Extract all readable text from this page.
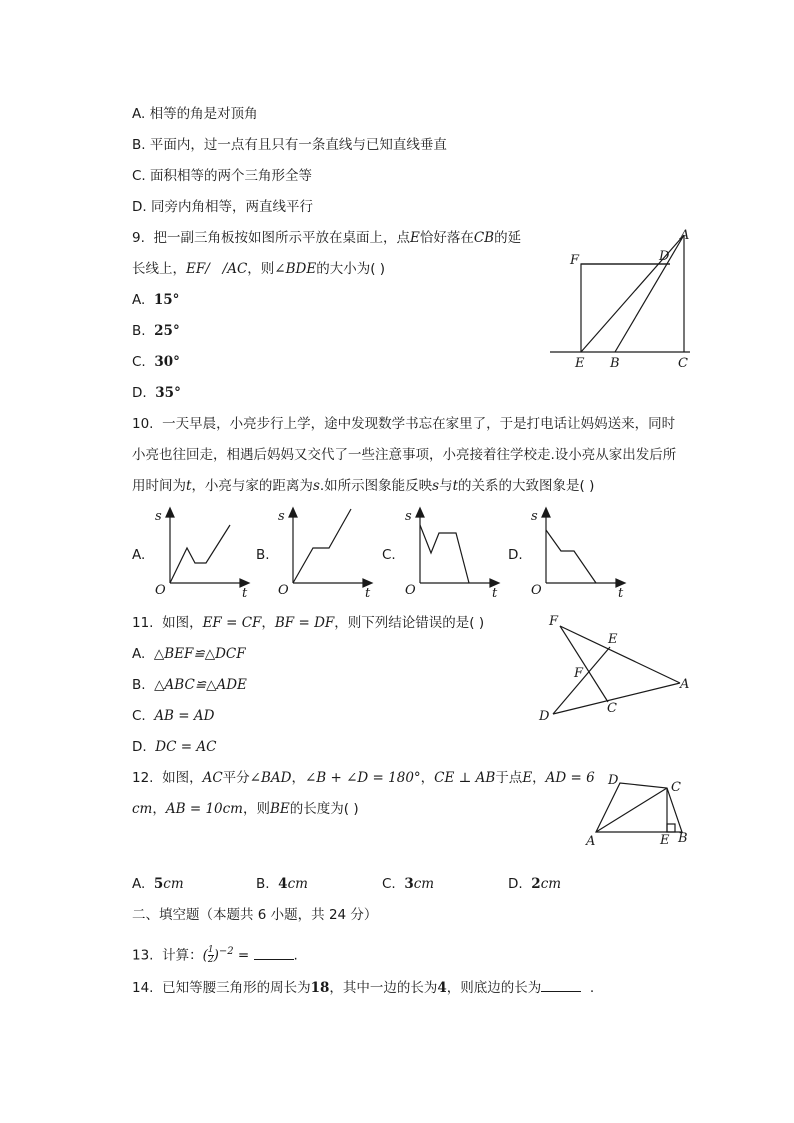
A. 相等的角是对顶角
B. 平面内，过一点有且只有一条直线与已知直线垂直
C. 面积相等的两个三角形全等
D. 同旁内角相等，两直线平行
9. 把一副三角板按如图所示平放在桌面上，点E恰好落在CB的延
长线上，EF/   /AC，则∠BDE的大小为( )
A. 15°
B. 25°
C. 30°
D. 35°
F	D
A
E B	C
10. 一天早晨，小亮步行上学，途中发现数学书忘在家里了，于是打电话让妈妈送来，同时
小亮也往回走，相遇后妈妈又交代了一些注意事项，小亮接着往学校走.设小亮从家出发后所
用时间为t，小亮与家的距离为s.如所示图象能反映s与t的关系的大致图象是( )
A.
s
O	t
B.
s
O	t
C.
s
O	t
D.
s
O	t
11. 如图，EF = CF，BF = DF，则下列结论错误的是( )
A. △BEF≌△DCF
B. △ABC≌△ADE
C. AB = AD
D. DC = AC
F
E
F
A
D
C
12. 如图，AC平分∠BAD，∠B + ∠D = 180°，CE ⊥ AB于点E，AD = 6
cm，AB = 10cm，则BE的长度为( )
D	C
A	E B
A. 5cm	B. 4cm	C. 3cm	D. 2cm
二、填空题（本题共 6 小题，共 24 分）
13. 计算：( $\frac{1}{2} )^{-2}$ =	.
14. 已知等腰三角形的周长为18，其中一边的长为4，则底边的长为	.
